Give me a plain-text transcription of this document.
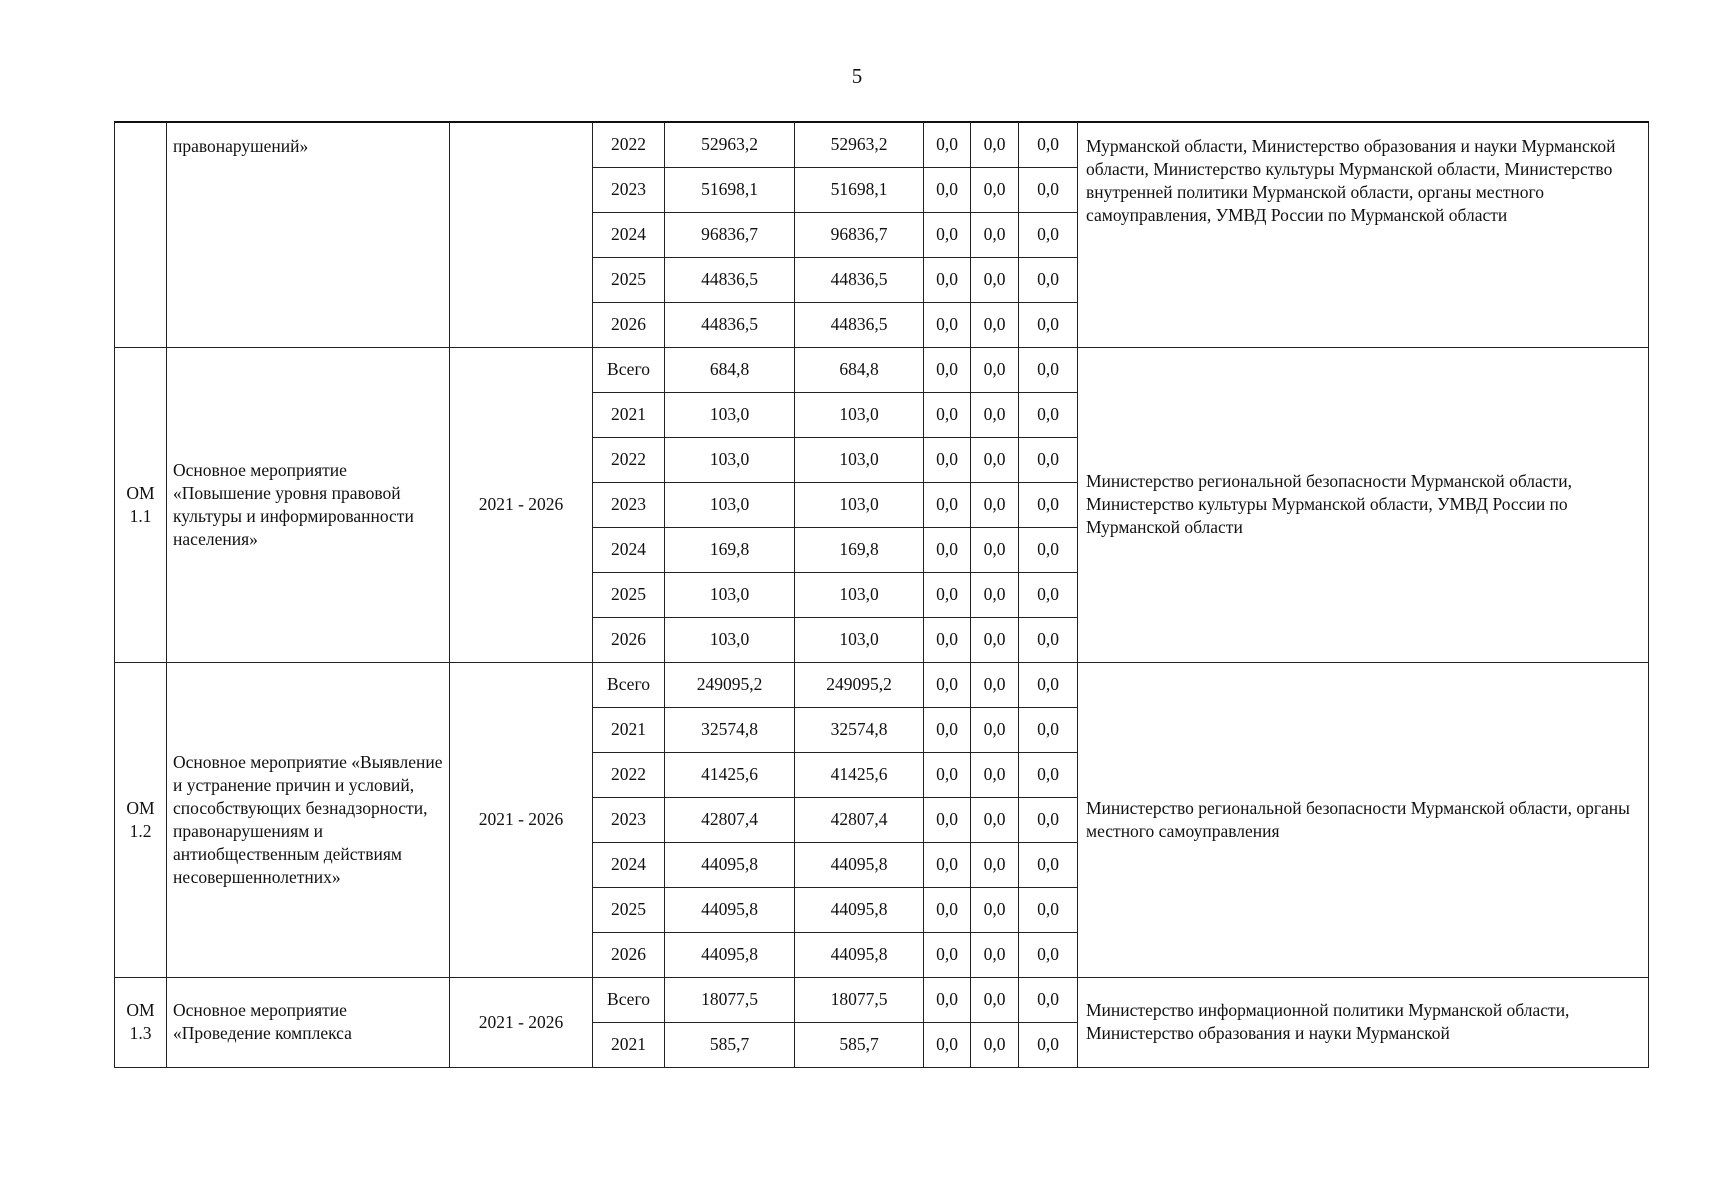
5
	правонарушений»		2022	52963,2	52963,2	0,0	0,0	0,0	Мурманской области, Министерство образования и науки Мурманской области, Министерство культуры Мурманской области, Министерство внутренней политики Мурманской области, органы местного самоуправления, УМВД России по Мурманской области
			2023	51698,1	51698,1	0,0	0,0	0,0	
			2024	96836,7	96836,7	0,0	0,0	0,0	
			2025	44836,5	44836,5	0,0	0,0	0,0	
			2026	44836,5	44836,5	0,0	0,0	0,0	
ОМ 1.1	Основное мероприятие «Повышение уровня правовой культуры и информированности населения»	2021 - 2026	Всего	684,8	684,8	0,0	0,0	0,0	Министерство региональной безопасности Мурманской области, Министерство культуры Мурманской области, УМВД России по Мурманской области
			2021	103,0	103,0	0,0	0,0	0,0	
			2022	103,0	103,0	0,0	0,0	0,0	
			2023	103,0	103,0	0,0	0,0	0,0	
			2024	169,8	169,8	0,0	0,0	0,0	
			2025	103,0	103,0	0,0	0,0	0,0	
			2026	103,0	103,0	0,0	0,0	0,0	
ОМ 1.2	Основное мероприятие «Выявление и устранение причин и условий, способствующих безнадзорности, правонарушениям и антиобщественным действиям несовершеннолетних»	2021 - 2026	Всего	249095,2	249095,2	0,0	0,0	0,0	Министерство региональной безопасности Мурманской области, органы местного самоуправления
			2021	32574,8	32574,8	0,0	0,0	0,0	
			2022	41425,6	41425,6	0,0	0,0	0,0	
			2023	42807,4	42807,4	0,0	0,0	0,0	
			2024	44095,8	44095,8	0,0	0,0	0,0	
			2025	44095,8	44095,8	0,0	0,0	0,0	
			2026	44095,8	44095,8	0,0	0,0	0,0	
ОМ 1.3	Основное мероприятие «Проведение комплекса	2021 - 2026	Всего	18077,5	18077,5	0,0	0,0	0,0	Министерство информационной политики Мурманской области, Министерство образования и науки Мурманской
			2021	585,7	585,7	0,0	0,0	0,0	
